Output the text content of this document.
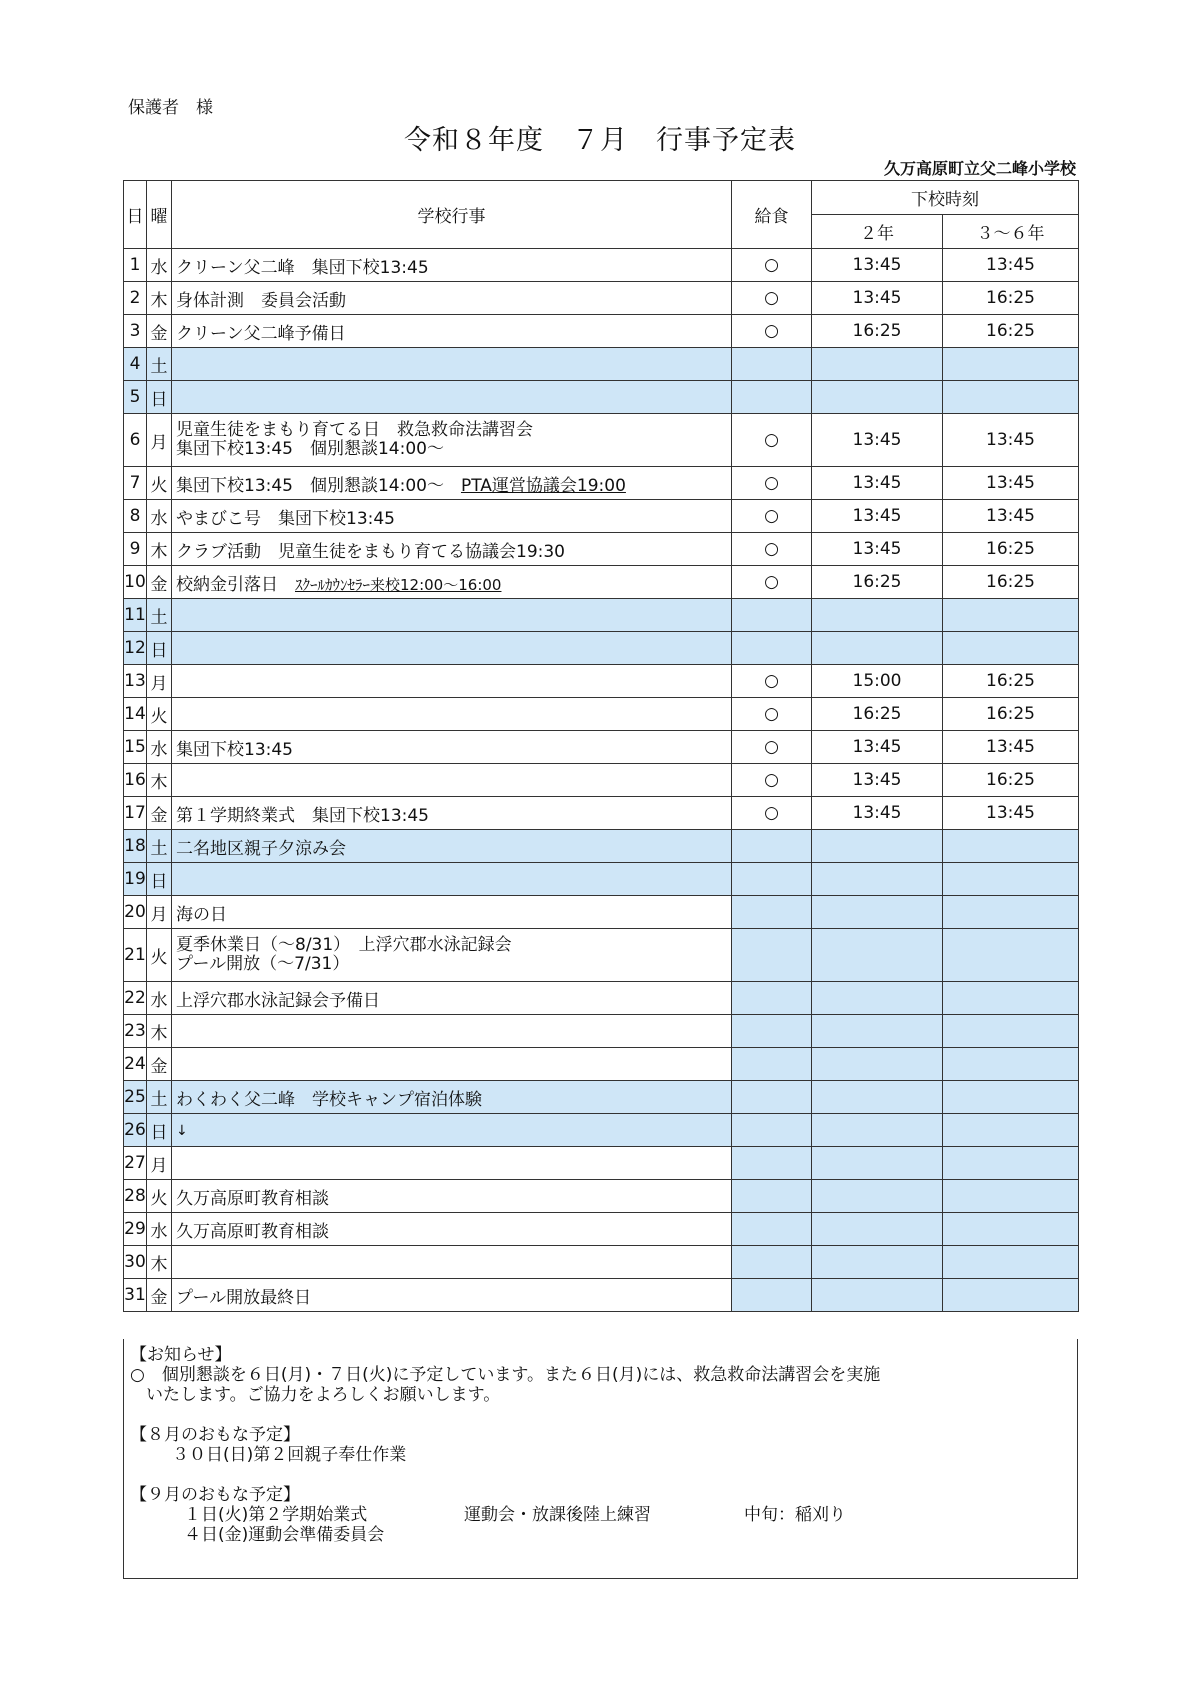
保護者　様
令和８年度　７月　行事予定表
久万高原町立父二峰小学校
日	曜	学校行事	給食	下校時刻	
				２年	３～６年
1	水	クリーン父二峰　集団下校13:45	○	13:45	13:45
2	木	身体計測　委員会活動	○	13:45	16:25
3	金	クリーン父二峰予備日	○	16:25	16:25
4	土				
5	日				
6	月	児童生徒をまもり育てる日　救急救命法講習会
集団下校13:45　個別懇談14:00～	○	13:45	13:45
7	火	集団下校13:45　個別懇談14:00～　PTA運営協議会19:00	○	13:45	13:45
8	水	やまびこ号　集団下校13:45	○	13:45	13:45
9	木	クラブ活動　児童生徒をまもり育てる協議会19:30	○	13:45	16:25
10	金	校納金引落日　ｽｸｰﾙｶｳﾝｾﾗｰ来校12:00～16:00	○	16:25	16:25
11	土				
12	日				
13	月		○	15:00	16:25
14	火		○	16:25	16:25
15	水	集団下校13:45	○	13:45	13:45
16	木		○	13:45	16:25
17	金	第１学期終業式　集団下校13:45	○	13:45	13:45
18	土	二名地区親子夕涼み会			
19	日				
20	月	海の日			
21	火	夏季休業日（～8/31）　上浮穴郡水泳記録会
プール開放（～7/31）			
22	水	上浮穴郡水泳記録会予備日			
23	木				
24	金				
25	土	わくわく父二峰　学校キャンプ宿泊体験			
26	日	↓			
27	月				
28	火	久万高原町教育相談			
29	水	久万高原町教育相談			
30	木				
31	金	プール開放最終日			

【お知らせ】

○　個別懇談を６日(月)・７日(火)に予定しています。また６日(月)には、救急救命法講習会を実施

いたします。ご協力をよろしくお願いします。

【８月のおもな予定】

３０日(日)第２回親子奉仕作業

【９月のおもな予定】

１日(火)第２学期始業式	運動会・放課後陸上練習	中旬：稲刈り

４日(金)運動会準備委員会
